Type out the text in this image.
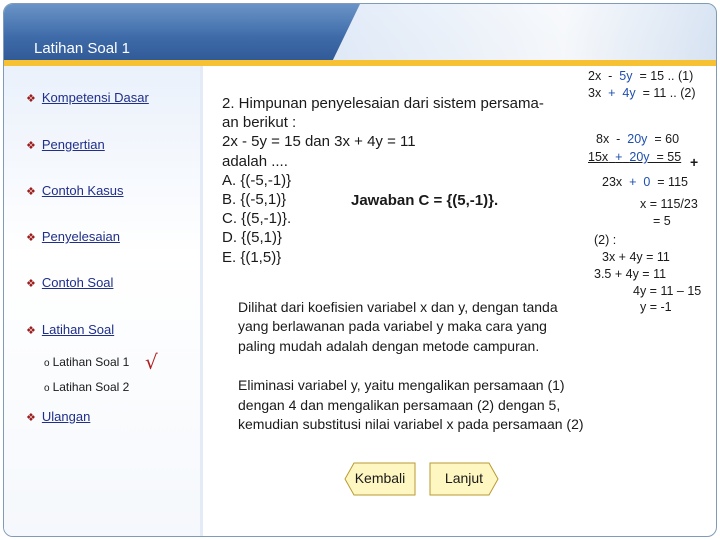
Latihan Soal 1
❖ Kompetensi Dasar
❖ Pengertian
❖ Contoh Kasus
❖ Penyelesaian
❖ Contoh Soal
❖ Latihan Soal
o Latihan Soal 1 √
o Latihan Soal 2
❖ Ulangan
2. Himpunan penyelesaian dari sistem persama-
an berikut :
2x - 5y = 15 dan 3x + 4y = 11
adalah ....
A. {(-5,-1)}
B. {(-5,1)}
C. {(5,-1)}.
D. {(5,1)}
E. {(1,5)}
Jawaban C = {(5,-1)}.
2x - 5y = 15 .. (1)
3x + 4y = 11 .. (2)
8x - 20y = 60
15x + 20y = 55 +
23x + 0 = 115
x = 115/23
= 5
(2) :
3x + 4y = 11
3.5 + 4y = 11
4y = 11 – 15
y = -1
Dilihat dari koefisien variabel x dan y, dengan tanda
yang berlawanan pada variabel y maka cara yang
paling mudah adalah dengan metode campuran.
Eliminasi variabel y, yaitu mengalikan persamaan (1)
dengan 4 dan mengalikan persamaan (2) dengan 5,
kemudian substitusi nilai variabel x pada persamaan (2)
Kembali	Lanjut
